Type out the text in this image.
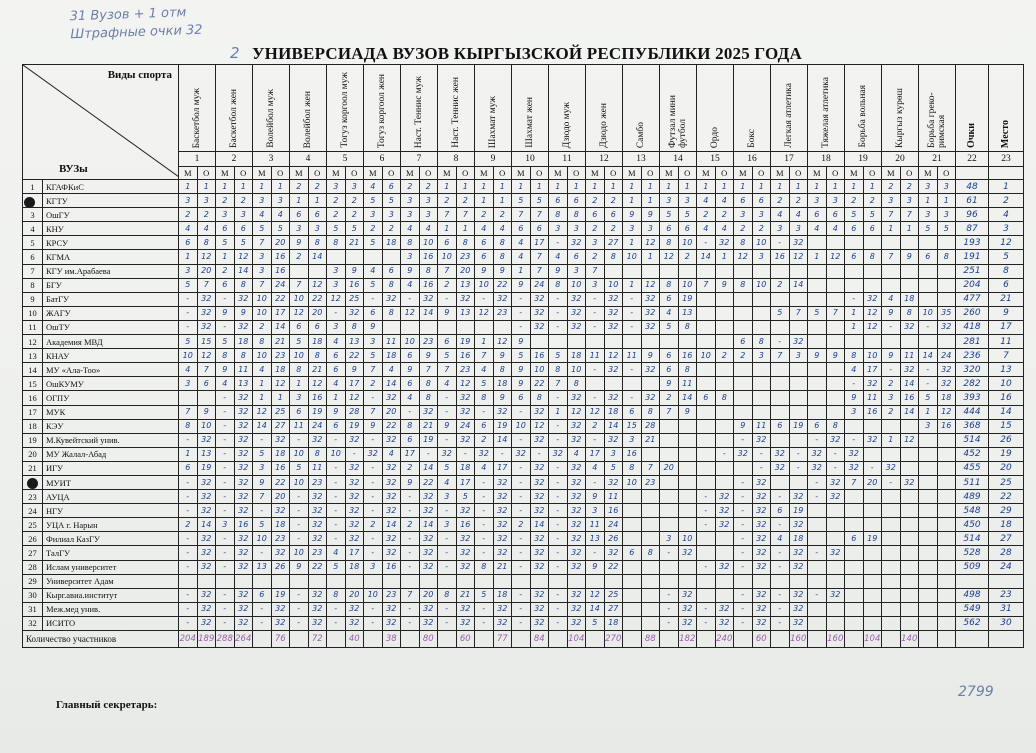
31 Вузов + 1 отм
Штрафные очки 32
2 УНИВЕРСИАДА ВУЗОВ КЫРГЫЗСКОЙ РЕСПУБЛИКИ 2025 ГОДА
Виды спорта
ВУЗы		Баскетбол муж		Баскетбол жен		Волейбол муж		Волейбол жен		Тогуз коргоол муж		Тогуз коргоол жен		Наст. Теннис муж		Наст. Теннис жен		Шахмат муж		Шахмат жен		Дзюдо муж		Дзюдо жен		Самбо		Футзал мини футбол		Ордо		Бокс		Легкая атлетика		Тяжелая атлетика		Борьба вольная		Кыргыз курөш		Борьба греко-римская		Очки	Место

		1		2		3		4		5		6		7		8		9		10		11		12		13		14		15		16		17		18		19		20		21		22	23
		М	О	М	О	М	О	М	О	М	О	М	О	М	О	М	О	М	О	М	О	М	О	М	О	М	О	М	О	М	О	М	О	М	О	М	О	М	О	М	О	М	О		
1	КГАФКиС	1	1	1	1	1	1	2	2	3	3	4	6	2	2	1	1	1	1	1	1	1	1	1	1	1	1	1	1	1	1	1	1	1	1	1	1	1	1	2	2	3	3	48	1
2	КГТУ	3	3	2	2	3	3	1	1	2	2	5	5	3	3	2	2	1	1	5	5	6	6	2	2	1	1	3	3	4	4	6	6	2	2	3	3	2	2	3	3	1	1	61	2
3	ОшГУ	2	2	3	3	4	4	6	6	2	2	3	3	3	3	7	7	2	2	7	7	8	8	6	6	9	9	5	5	2	2	3	3	4	4	6	6	5	5	7	7	3	3	96	4
4	КНУ	4	4	6	6	5	5	3	3	5	5	2	2	4	4	1	1	4	4	6	6	3	3	2	2	3	3	6	6	4	4	2	2	3	3	4	4	6	6	1	1	5	5	87	3
5	КРСУ	6	8	5	5	7	20	9	8	8	21	5	18	8	10	6	8	6	8	4	17	-	32	3	27	1	12	8	10	-	32	8	10	-	32									193	12
6	КГМА	1	12	1	12	3	16	2	14					3	16	10	23	6	8	4	7	4	6	2	8	10	1	12	2	14	1	12	3	16	12	1	12	6	8	7	9	6	8	191	5
7	КГУ им.Арабаева	3	20	2	14	3	16			3	9	4	6	9	8	7	20	9	9	1	7	9	3	7																				251	8
8	БГУ	5	7	6	8	7	24	7	12	3	16	5	8	4	16	2	13	10	22	9	24	8	10	3	10	1	12	8	10	7	9	8	10	2	14									204	6
9	БатГУ	-	32	-	32	10	22	10	22	12	25	-	32	-	32	-	32	-	32	-	32	-	32	-	32	-	32	6	19									-	32	4	18			477	21
10	ЖАГУ	-	32	9	9	10	17	12	20	-	32	6	8	12	14	9	13	12	23	-	32	-	32	-	32	-	32	4	13					5	7	5	7	1	12	9	8	10	35	260	9
11	ОшТУ	-	32	-	32	2	14	6	6	3	8	9								-	32	-	32	-	32	-	32	5	8									1	12	-	32	-	32	418	17
12	Академия МВД	5	15	5	18	8	21	5	18	4	13	3	11	10	23	6	19	1	12	9												6	8	-	32									281	11
13	КНАУ	10	12	8	8	10	23	10	8	6	22	5	18	6	9	5	16	7	9	5	16	5	18	11	12	11	9	6	16	10	2	2	3	7	3	9	9	8	10	9	11	14	24	236	7
14	МУ «Ала-Тоо»	4	7	9	11	4	18	8	21	6	9	7	4	9	7	7	23	4	8	9	10	8	10	-	32	-	32	6	8									4	17	-	32	-	32	320	13
15	ОшКУМУ	3	6	4	13	1	12	1	12	4	17	2	14	6	8	4	12	5	18	9	22	7	8					9	11									-	32	2	14	-	32	282	10
16	ОГПУ			-	32	1	1	3	16	1	12	-	32	4	8	-	32	8	9	6	8	-	32	-	32	-	32	2	14	6	8							9	11	3	16	5	18	393	16
17	МУК	7	9	-	32	12	25	6	19	9	28	7	20	-	32	-	32	-	32	-	32	1	12	12	18	6	8	7	9									3	16	2	14	1	12	444	14
18	КЭУ	8	10	-	32	14	27	11	24	6	19	9	22	8	21	9	24	6	19	10	12	-	32	2	14	15	28					9	11	6	19	6	8					3	16	368	15
19	М.Кувейтский унив.	-	32	-	32	-	32	-	32	-	32	-	32	6	19	-	32	2	14	-	32	-	32	-	32	3	21					-	32			-	32	-	32	1	12			514	26
20	МУ Жалал-Абад	1	13	-	32	5	18	10	8	10	-	32	4	17	-	32	-	32	-	32	-	32	4	17	3	16					-	32	-	32	-	32	-	32						452	19
21	ИГУ	6	19	-	32	3	16	5	11	-	32	-	32	2	14	5	18	4	17	-	32	-	32	4	5	8	7	20					-	32	-	32	-	32	-	32				455	20
22	МУИТ	-	32	-	32	9	22	10	23	-	32	-	32	9	22	4	17	-	32	-	32	-	32	-	32	10	23					-	32			-	32	7	20	-	32			511	25
23	АУЦА	-	32	-	32	7	20	-	32	-	32	-	32	-	32	3	5	-	32	-	32	-	32	9	11					-	32	-	32	-	32	-	32							489	22
24	НГУ	-	32	-	32	-	32	-	32	-	32	-	32	-	32	-	32	-	32	-	32	-	32	3	16					-	32	-	32	6	19									548	29
25	УЦА г. Нарын	2	14	3	16	5	18	-	32	-	32	2	14	2	14	3	16	-	32	2	14	-	32	11	24					-	32	-	32	-	32									450	18
26	Филиал КазГУ	-	32	-	32	10	23	-	32	-	32	-	32	-	32	-	32	-	32	-	32	-	32	13	26			3	10			-	32	4	18			6	19					514	27
27	ТалГУ	-	32	-	32	-	32	10	23	4	17	-	32	-	32	-	32	-	32	-	32	-	32	-	32	6	8	-	32			-	32	-	32	-	32							528	28
28	Ислам университет	-	32	-	32	13	26	9	22	5	18	3	16	-	32	-	32	8	21	-	32	-	32	9	22					-	32	-	32	-	32									509	24
29	Университет Адам																																												
30	Кырг.авиа.институт	-	32	-	32	6	19	-	32	8	20	10	23	7	20	8	21	5	18	-	32	-	32	12	25			-	32			-	32	-	32	-	32							498	23
31	Меж.мед унив.	-	32	-	32	-	32	-	32	-	32	-	32	-	32	-	32	-	32	-	32	-	32	14	27			-	32	-	32	-	32	-	32									549	31
32	ИСИТО	-	32	-	32	-	32	-	32	-	32	-	32	-	32	-	32	-	32	-	32	-	32	5	18			-	32	-	32	-	32	-	32									562	30
Количество участников		204	189	288	264		76		72		40		38		80		60		77		84		104		270		88		182		240		60		160		160		104		140				
Главный секретарь:
2799
